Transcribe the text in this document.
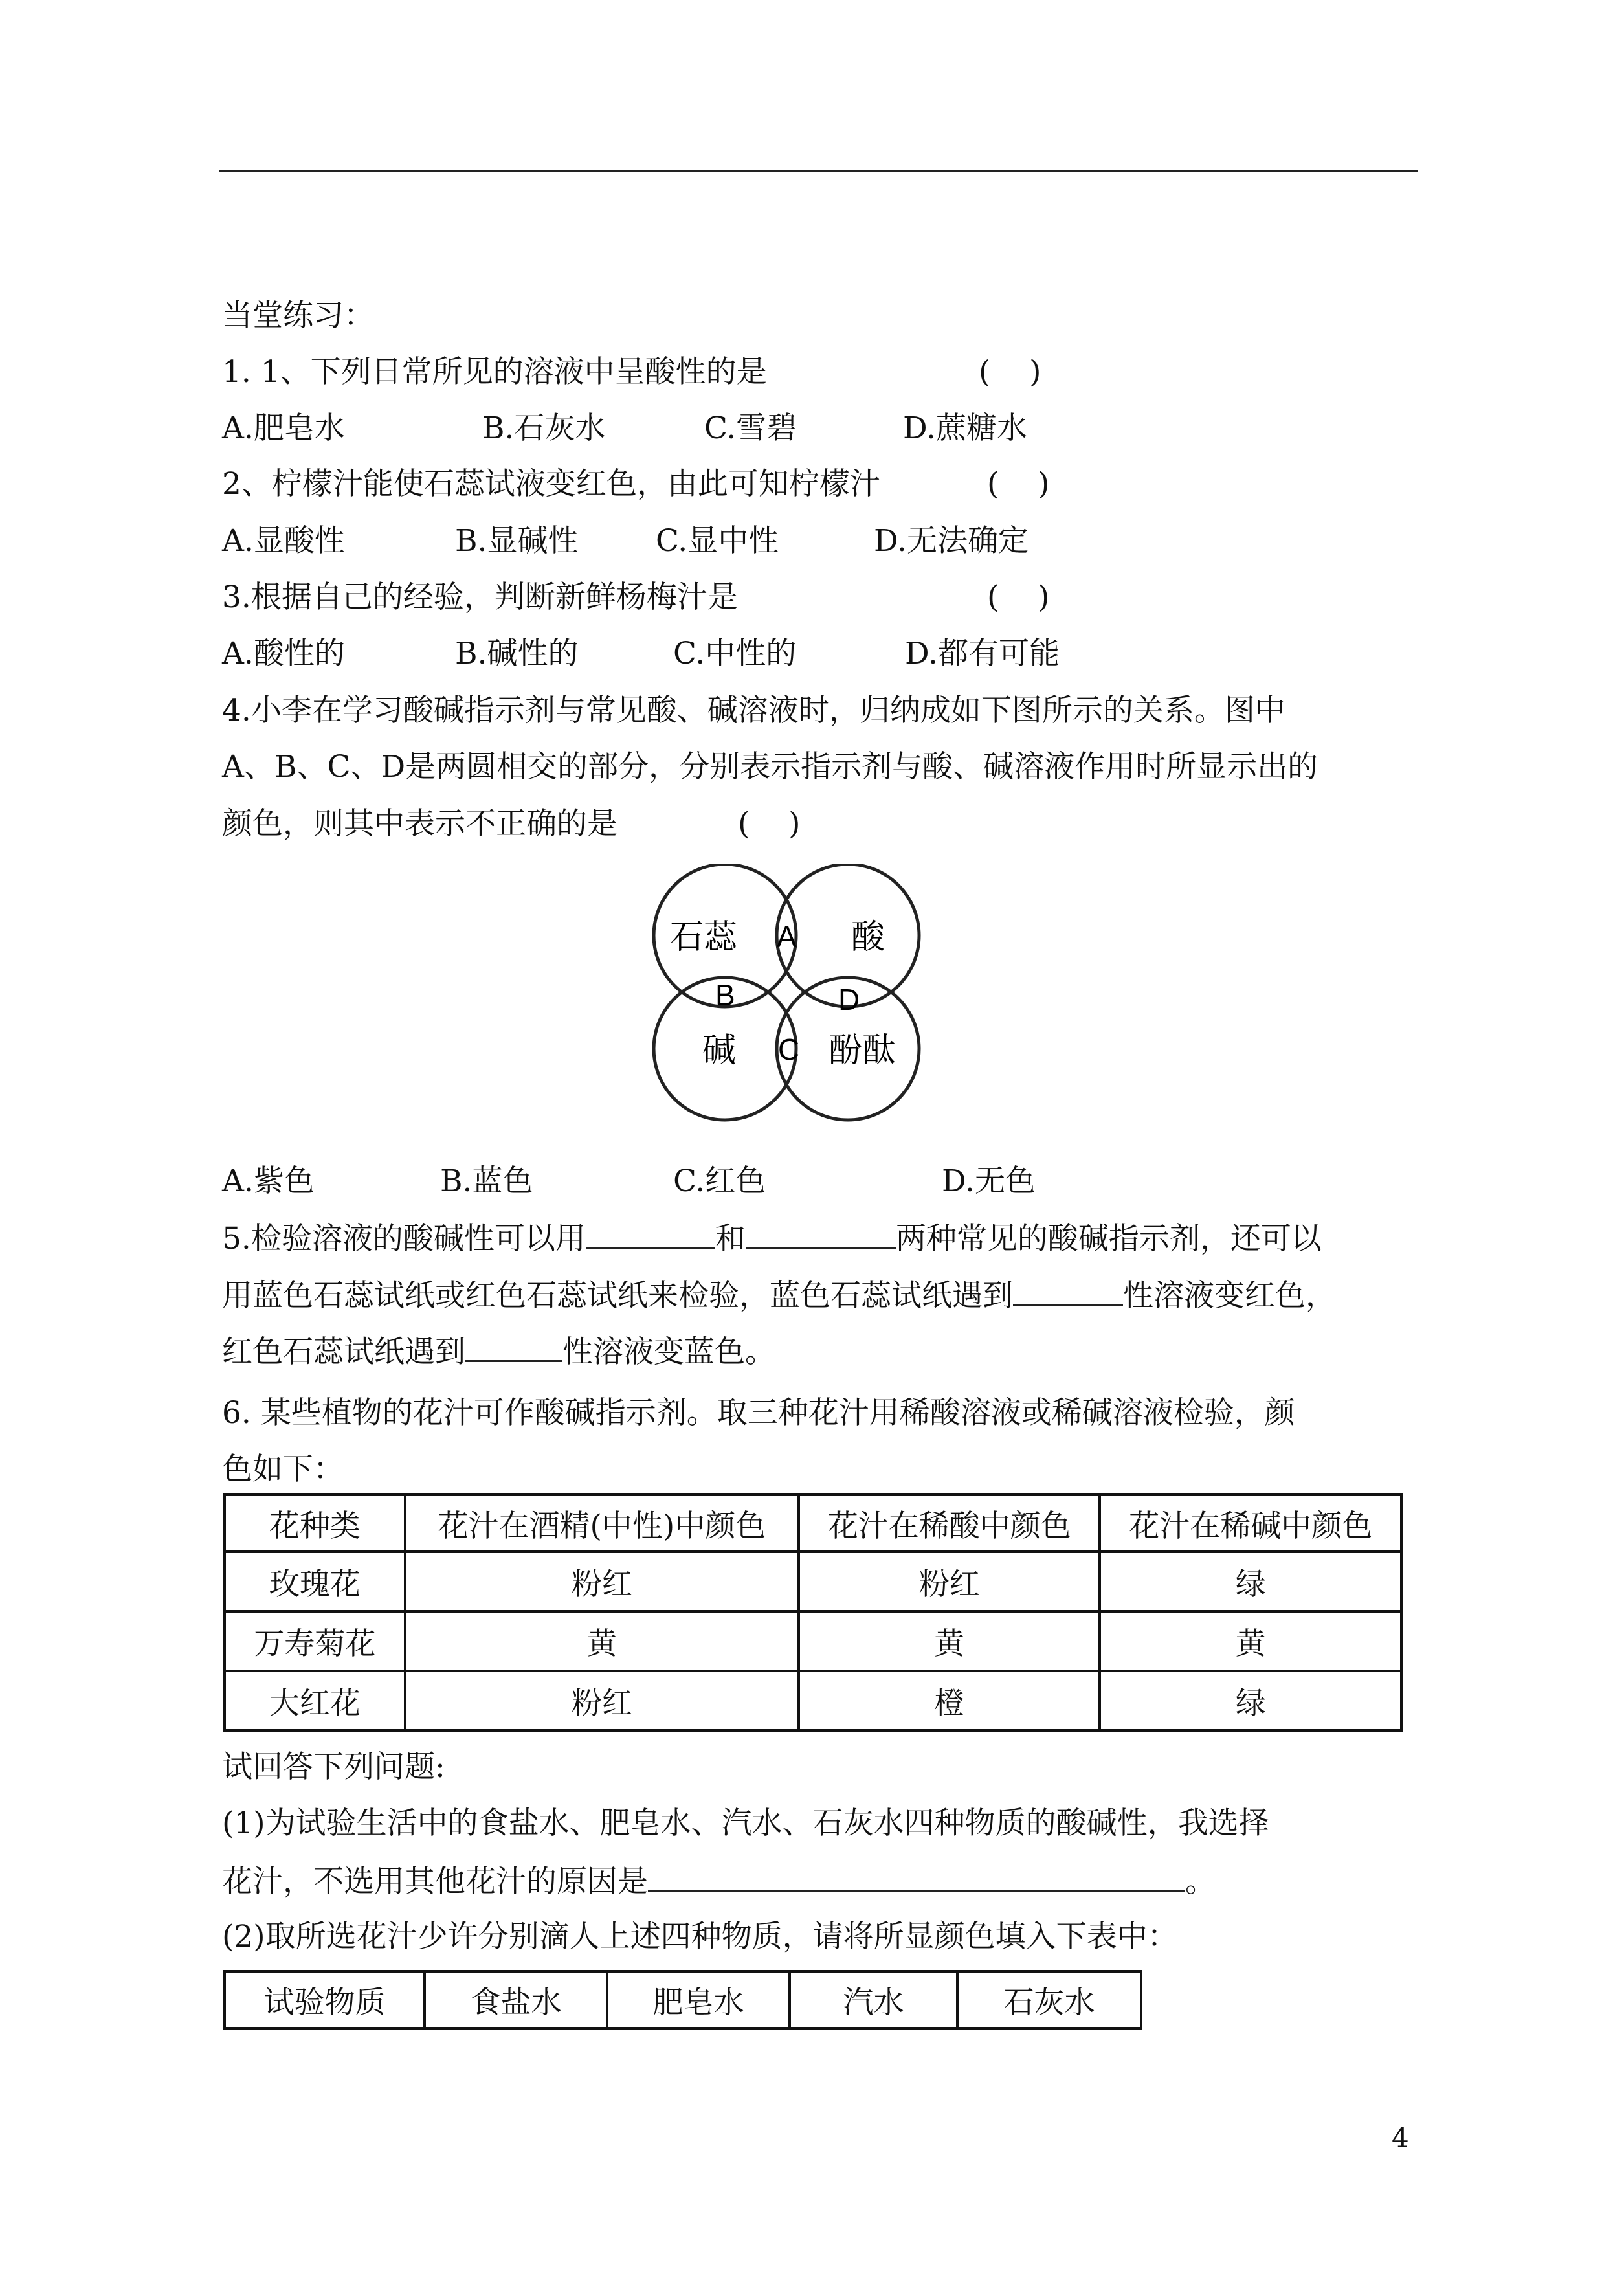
当堂练习：
1. 1、下列日常所见的溶液中呈酸性的是	(    )
A.肥皂水	B.石灰水	C.雪碧	D.蔗糖水
2、柠檬汁能使石蕊试液变红色，由此可知柠檬汁	(    )
A.显酸性	B.显碱性	C.显中性	D.无法确定
3.根据自己的经验，判断新鲜杨梅汁是	(    )
A.酸性的	B.碱性的	C.中性的	D.都有可能
4.小李在学习酸碱指示剂与常见酸、碱溶液时，归纳成如下图所示的关系。图中
A、B、C、D是两圆相交的部分，分别表示指示剂与酸、碱溶液作用时所显示出的
颜色，则其中表示不正确的是	(    )
石蕊	酸
碱	酚酞
A
B
C
D
A.紫色	B.蓝色	C.红色	D.无色
5.检验溶液的酸碱性可以用	和	两种常见的酸碱指示剂，还可以
用蓝色石蕊试纸或红色石蕊试纸来检验，蓝色石蕊试纸遇到	性溶液变红色，
红色石蕊试纸遇到	性溶液变蓝色。
6. 某些植物的花汁可作酸碱指示剂。取三种花汁用稀酸溶液或稀碱溶液检验，颜
色如下：
花种类	花汁在酒精(中性)中颜色	花汁在稀酸中颜色	花汁在稀碱中颜色
玫瑰花	粉红	粉红	绿
万寿菊花	黄	黄	黄
大红花	粉红	橙	绿
试回答下列问题:
(1)为试验生活中的食盐水、肥皂水、汽水、石灰水四种物质的酸碱性，我选择
花汁，不选用其他花汁的原因是	。
(2)取所选花汁少许分别滴人上述四种物质，请将所显颜色填入下表中：
试验物质	食盐水	肥皂水	汽水	石灰水
4
